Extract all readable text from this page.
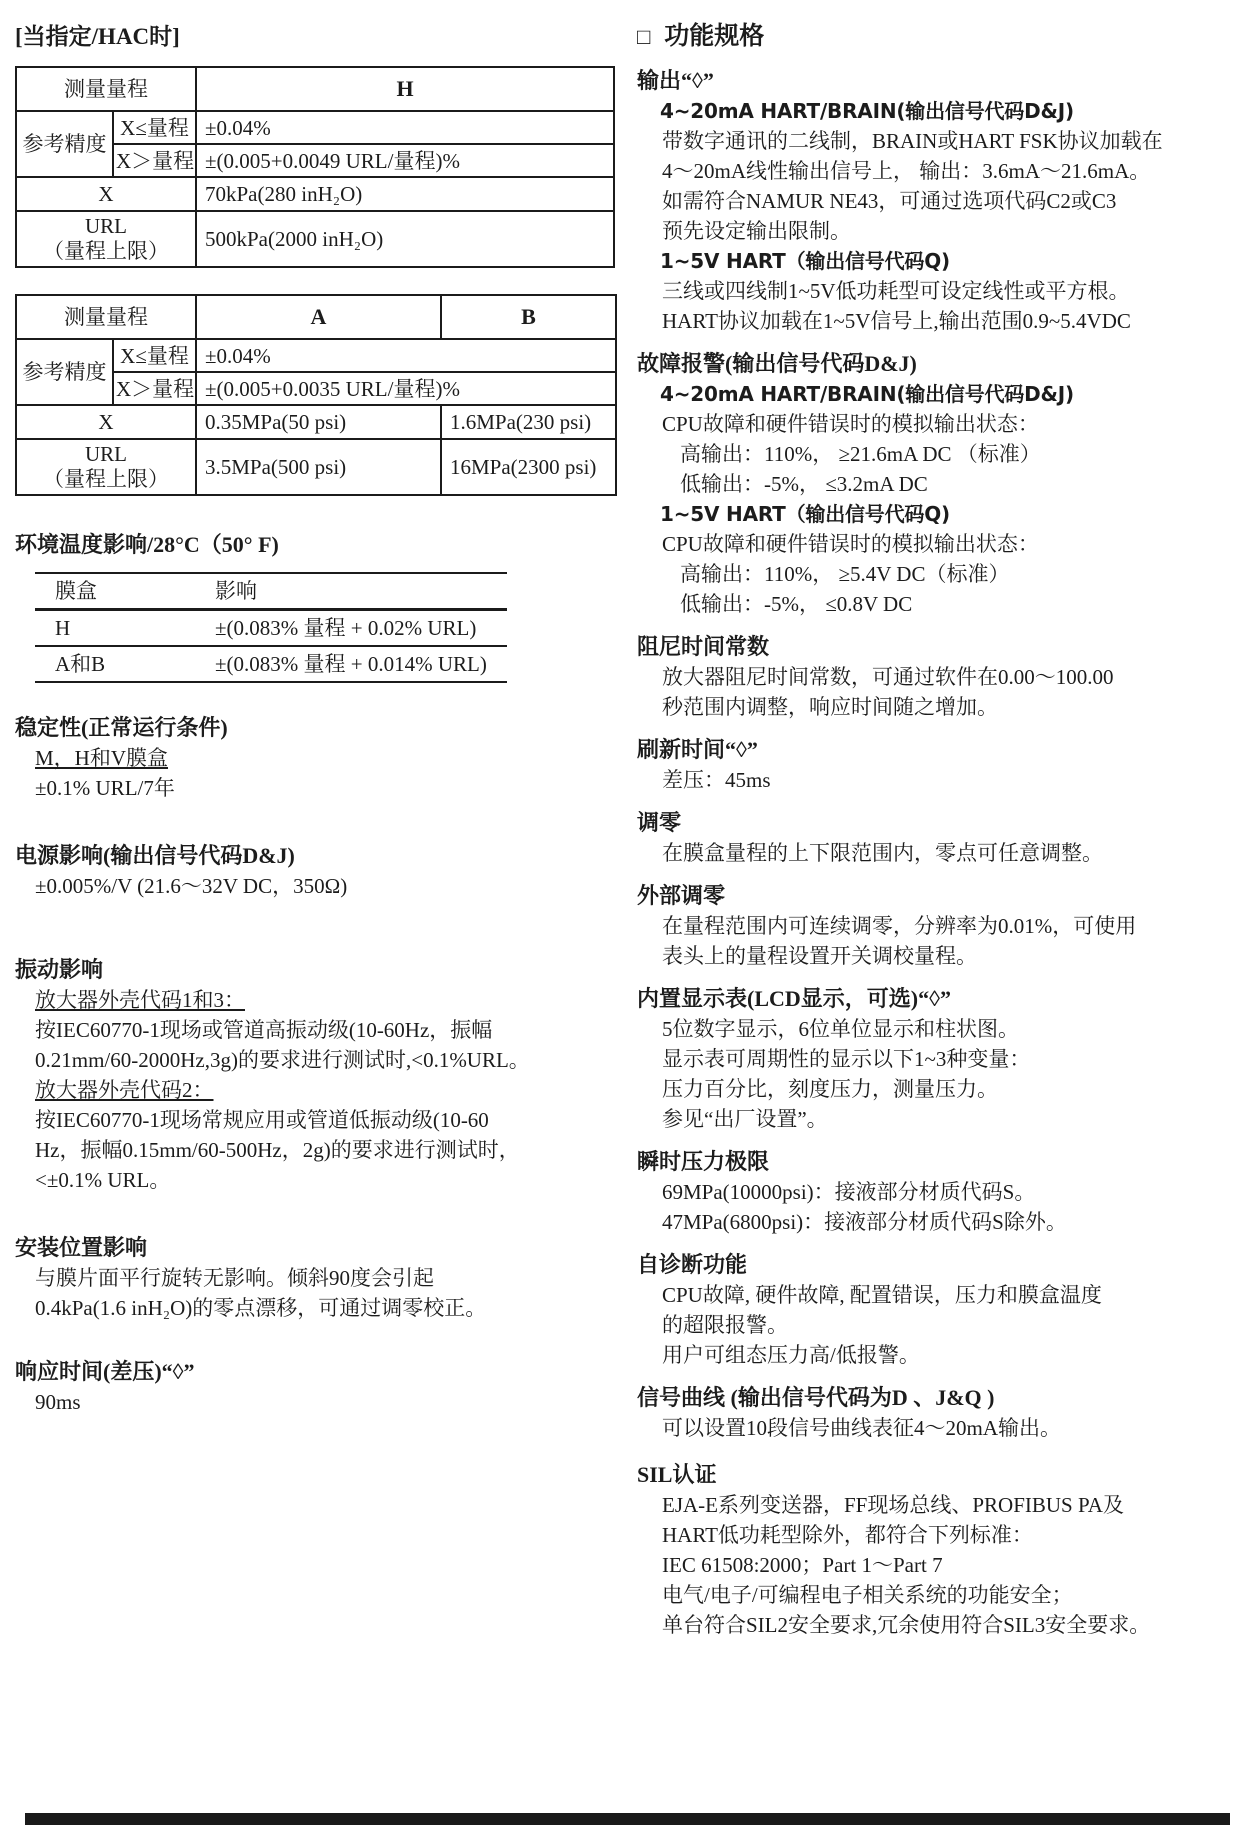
[当指定/HAC时]
测量量程		H
参考精度	X≤量程	±0.04%
	X＞量程	±(0.005+0.0049 URL/量程)%
X		70kPa(280 inH₂O)

URL
（量程上限）		500kPa(2000 inH₂O)
测量量程		A	B
参考精度	X≤量程	±0.04%	
	X＞量程	±(0.005+0.0035 URL/量程)%	
X		0.35MPa(50 psi)	1.6MPa(230 psi)

URL
（量程上限）		3.5MPa(500 psi)	16MPa(2300 psi)
环境温度影响/28°C（50° F)
膜盒	影响
H	±(0.083% 量程 + 0.02% URL)
A和B	±(0.083% 量程 + 0.014% URL)
稳定性(正常运行条件)
M，H和V膜盒
±0.1% URL/7年
电源影响(输出信号代码D&J)
±0.005%/V (21.6～32V DC，350Ω)
振动影响
放大器外壳代码1和3：
按IEC60770-1现场或管道高振动级(10-60Hz，振幅
0.21mm/60-2000Hz,3g)的要求进行测试时,<0.1%URL。
放大器外壳代码2：
按IEC60770-1现场常规应用或管道低振动级(10-60
Hz，振幅0.15mm/60-500Hz，2g)的要求进行测试时，
<±0.1% URL。
安装位置影响
与膜片面平行旋转无影响。倾斜90度会引起
0.4kPa(1.6 inH₂O)的零点漂移，可通过调零校正。
响应时间(差压)“◊”
90ms
□ 功能规格
输出“◊”
4~20mA HART/BRAIN(输出信号代码D&J)
带数字通讯的二线制，BRAIN或HART FSK协议加载在
4～20mA线性输出信号上， 输出：3.6mA～21.6mA。
如需符合NAMUR NE43，可通过选项代码C2或C3
预先设定输出限制。
1~5V HART（输出信号代码Q)
三线或四线制1~5V低功耗型可设定线性或平方根。
HART协议加载在1~5V信号上,输出范围0.9~5.4VDC
故障报警(输出信号代码D&J)
4~20mA HART/BRAIN(输出信号代码D&J)
CPU故障和硬件错误时的模拟输出状态：
高输出：110%， ≥21.6mA DC （标准）
低输出：-5%， ≤3.2mA DC
1~5V HART（输出信号代码Q)
CPU故障和硬件错误时的模拟输出状态：
高输出：110%， ≥5.4V DC（标准）
低输出：-5%， ≤0.8V DC
阻尼时间常数
放大器阻尼时间常数，可通过软件在0.00～100.00
秒范围内调整，响应时间随之增加。
刷新时间“◊”
差压：45ms
调零
在膜盒量程的上下限范围内，零点可任意调整。
外部调零
在量程范围内可连续调零，分辨率为0.01%，可使用
表头上的量程设置开关调校量程。
内置显示表(LCD显示，可选)“◊”
5位数字显示，6位单位显示和柱状图。
显示表可周期性的显示以下1~3种变量：
压力百分比，刻度压力，测量压力。
参见“出厂设置”。
瞬时压力极限
69MPa(10000psi)：接液部分材质代码S。
47MPa(6800psi)：接液部分材质代码S除外。
自诊断功能
CPU故障, 硬件故障, 配置错误，压力和膜盒温度
的超限报警。
用户可组态压力高/低报警。
信号曲线 (输出信号代码为D 、J&Q )
可以设置10段信号曲线表征4～20mA输出。
SIL认证
EJA-E系列变送器，FF现场总线、PROFIBUS PA及
HART低功耗型除外，都符合下列标准：
IEC 61508:2000；Part 1～Part 7
电气/电子/可编程电子相关系统的功能安全；
单台符合SIL2安全要求,冗余使用符合SIL3安全要求。
